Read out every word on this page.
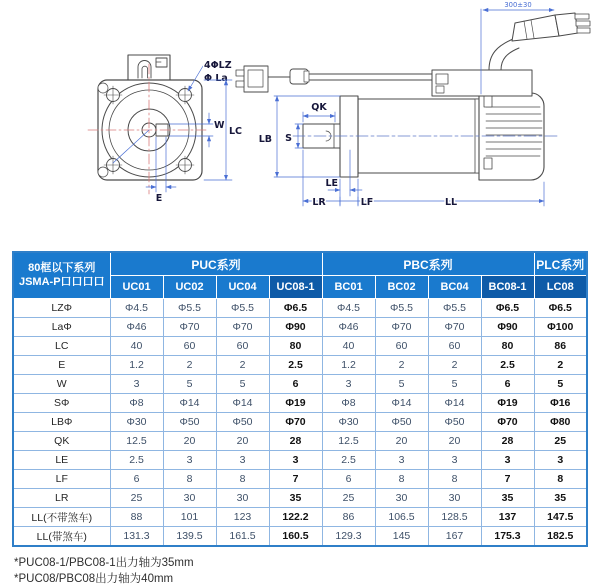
4ΦLZ
Φ La
W
LC
E
300±30
QK
S
LB
LE
LR	LF	LL
80框以下系列
JSMA-P口口口口	PUC系列				PBC系列				PLC系列
	UC01	UC02	UC04	UC08-1	BC01	BC02	BC04	BC08-1	LC08
LZΦ	Φ4.5	Φ5.5	Φ5.5	Φ6.5	Φ4.5	Φ5.5	Φ5.5	Φ6.5	Φ6.5
LaΦ	Φ46	Φ70	Φ70	Φ90	Φ46	Φ70	Φ70	Φ90	Φ100
LC	40	60	60	80	40	60	60	80	86
E	1.2	2	2	2.5	1.2	2	2	2.5	2
W	3	5	5	6	3	5	5	6	5
SΦ	Φ8	Φ14	Φ14	Φ19	Φ8	Φ14	Φ14	Φ19	Φ16
LBΦ	Φ30	Φ50	Φ50	Φ70	Φ30	Φ50	Φ50	Φ70	Φ80
QK	12.5	20	20	28	12.5	20	20	28	25
LE	2.5	3	3	3	2.5	3	3	3	3
LF	6	8	8	7	6	8	8	7	8
LR	25	30	30	35	25	30	30	35	35
LL(不带煞车)	88	101	123	122.2	86	106.5	128.5	137	147.5
LL(带煞车)	131.3	139.5	161.5	160.5	129.3	145	167	175.3	182.5
*PUC08-1/PBC08-1出力轴为35mm
*PUC08/PBC08出力轴为40mm
